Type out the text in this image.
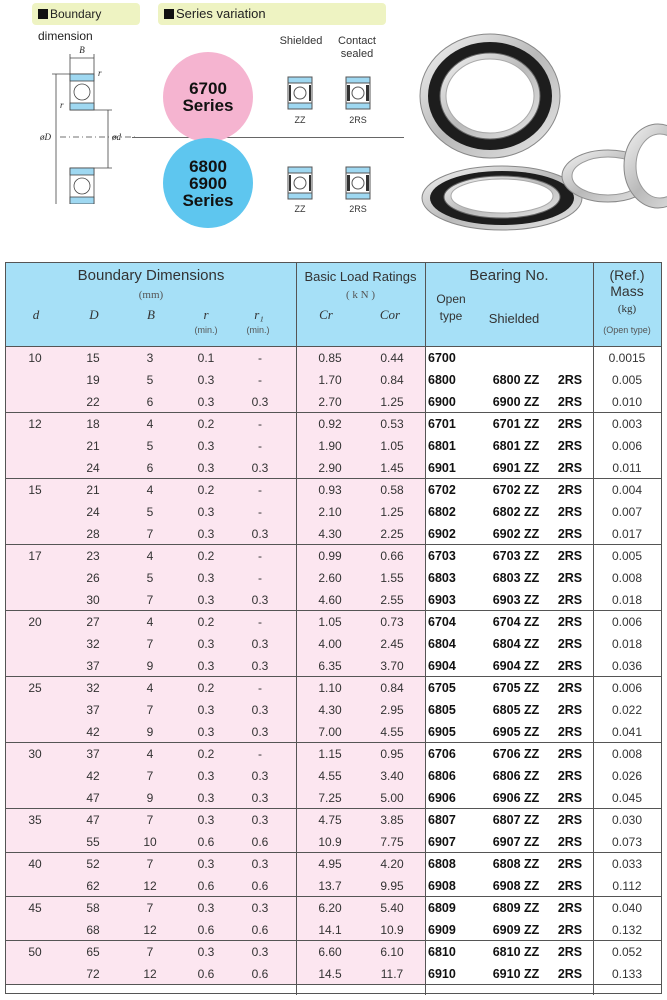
Boundary dimension
Series variation
B
r
r
øD	ød
6700
Series
6800
6900
Series
Shielded	Contact
sealed
ZZ	2RS
ZZ	2RS
Boundary Dimensions
(mm)
d	D	B	r
(min.)
r₁
(min.)
Basic Load Ratings
( k N )
Cr	Cor
Bearing No.
Open
type	Shielded
(Ref.)
Mass
(kg)
(Open type)
10	15	3	0.1	-	0.85	0.44	6700	0.0015
19	5	0.3	-	1.70	0.84	6800	6800 ZZ	2RS	0.005
22	6	0.3	0.3	2.70	1.25	6900	6900 ZZ	2RS	0.010
12	18	4	0.2	-	0.92	0.53	6701	6701 ZZ	2RS	0.003
21	5	0.3	-	1.90	1.05	6801	6801 ZZ	2RS	0.006
24	6	0.3	0.3	2.90	1.45	6901	6901 ZZ	2RS	0.011
15	21	4	0.2	-	0.93	0.58	6702	6702 ZZ	2RS	0.004
24	5	0.3	-	2.10	1.25	6802	6802 ZZ	2RS	0.007
28	7	0.3	0.3	4.30	2.25	6902	6902 ZZ	2RS	0.017
17	23	4	0.2	-	0.99	0.66	6703	6703 ZZ	2RS	0.005
26	5	0.3	-	2.60	1.55	6803	6803 ZZ	2RS	0.008
30	7	0.3	0.3	4.60	2.55	6903	6903 ZZ	2RS	0.018
20	27	4	0.2	-	1.05	0.73	6704	6704 ZZ	2RS	0.006
32	7	0.3	0.3	4.00	2.45	6804	6804 ZZ	2RS	0.018
37	9	0.3	0.3	6.35	3.70	6904	6904 ZZ	2RS	0.036
25	32	4	0.2	-	1.10	0.84	6705	6705 ZZ	2RS	0.006
37	7	0.3	0.3	4.30	2.95	6805	6805 ZZ	2RS	0.022
42	9	0.3	0.3	7.00	4.55	6905	6905 ZZ	2RS	0.041
30	37	4	0.2	-	1.15	0.95	6706	6706 ZZ	2RS	0.008
42	7	0.3	0.3	4.55	3.40	6806	6806 ZZ	2RS	0.026
47	9	0.3	0.3	7.25	5.00	6906	6906 ZZ	2RS	0.045
35	47	7	0.3	0.3	4.75	3.85	6807	6807 ZZ	2RS	0.030
55	10	0.6	0.6	10.9	7.75	6907	6907 ZZ	2RS	0.073
40	52	7	0.3	0.3	4.95	4.20	6808	6808 ZZ	2RS	0.033
62	12	0.6	0.6	13.7	9.95	6908	6908 ZZ	2RS	0.112
45	58	7	0.3	0.3	6.20	5.40	6809	6809 ZZ	2RS	0.040
68	12	0.6	0.6	14.1	10.9	6909	6909 ZZ	2RS	0.132
50	65	7	0.3	0.3	6.60	6.10	6810	6810 ZZ	2RS	0.052
72	12	0.6	0.6	14.5	11.7	6910	6910 ZZ	2RS	0.133
